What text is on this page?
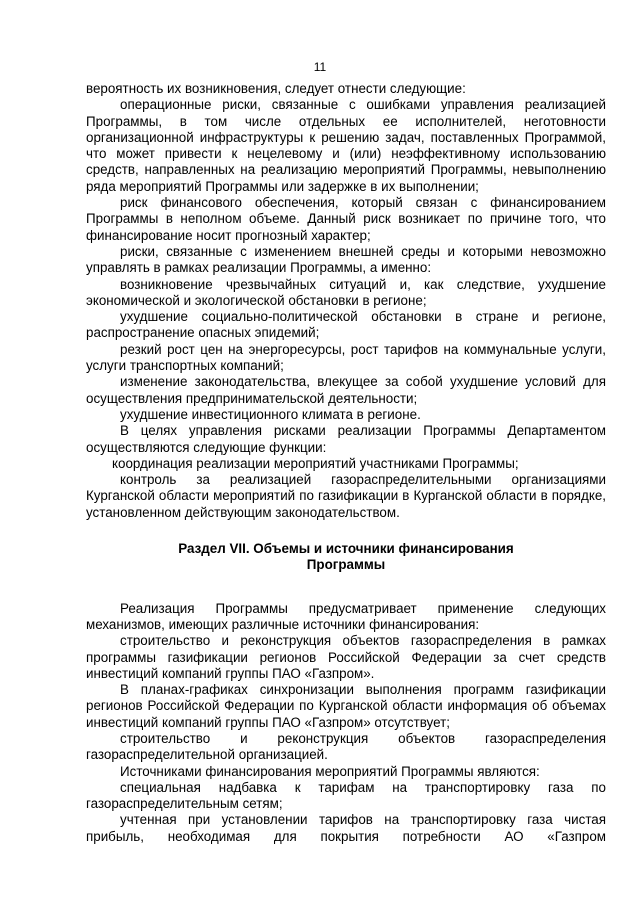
11

вероятность их возникновения, следует отнести следующие:

операционные риски, связанные с ошибками управления реализацией Программы, в том числе отдельных ее исполнителей, неготовности организационной инфраструктуры к решению задач, поставленных Программой, что может привести к нецелевому и (или) неэффективному использованию средств, направленных на реализацию мероприятий Программы, невыполнению ряда мероприятий Программы или задержке в их выполнении;

риск финансового обеспечения, который связан с финансированием Программы в неполном объеме. Данный риск возникает по причине того, что финансирование носит прогнозный характер;

риски, связанные с изменением внешней среды и которыми невозможно управлять в рамках реализации Программы, а именно:

возникновение чрезвычайных ситуаций и, как следствие, ухудшение экономической и экологической обстановки в регионе;

ухудшение социально-политической обстановки в стране и регионе, распространение опасных эпидемий;

резкий рост цен на энергоресурсы, рост тарифов на коммунальные услуги, услуги транспортных компаний;

изменение законодательства, влекущее за собой ухудшение условий для осуществления предпринимательской деятельности;

ухудшение инвестиционного климата в регионе.

В целях управления рисками реализации Программы Департаментом осуществляются следующие функции:

координация реализации мероприятий участниками Программы;

контроль за реализацией газораспределительными организациями Курганской области мероприятий по газификации в Курганской области в порядке, установленном действующим законодательством.

Раздел VII. Объемы и источники финансирования
Программы

Реализация Программы предусматривает применение следующих механизмов, имеющих различные источники финансирования:

строительство и реконструкция объектов газораспределения в рамках программы газификации регионов Российской Федерации за счет средств инвестиций компаний группы ПАО «Газпром».

В планах-графиках синхронизации выполнения программ газификации регионов Российской Федерации по Курганской области информация об объемах инвестиций компаний группы ПАО «Газпром» отсутствует;

строительство и реконструкция объектов газораспределения газораспределительной организацией.

Источниками финансирования мероприятий Программы являются:

специальная надбавка к тарифам на транспортировку газа по газораспределительным сетям;

учтенная при установлении тарифов на транспортировку газа чистая прибыль, необходимая для покрытия потребности АО «Газпром
